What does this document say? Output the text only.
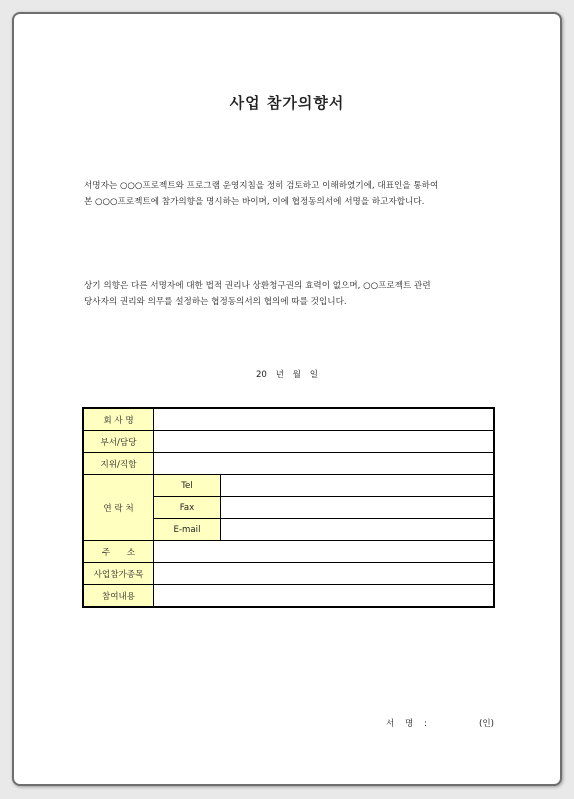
사업 참가의향서
서명자는 ○○○프로젝트와 프로그램 운영지침을 정히 검토하고 이해하였기에, 대표인을 통하여
본 ○○○프로젝트에 참가의향을 명시하는 바이며, 이에 협정동의서에 서명을 하고자합니다.
상기 의향은 다른 서명자에 대한 법적 권리나 상환청구권의 효력이 없으며, ○○프로젝트 관련
당사자의 권리와 의무를 설정하는 협정동의서의 협의에 따를 것입니다.
20 년 월 일
회 사 명		
부서/담당		
지위/직함		
연 락 처	Tel	
	Fax	
	E-mail	
주 소		
사업참가종목		
참여내용		
서 명 :	(인)
